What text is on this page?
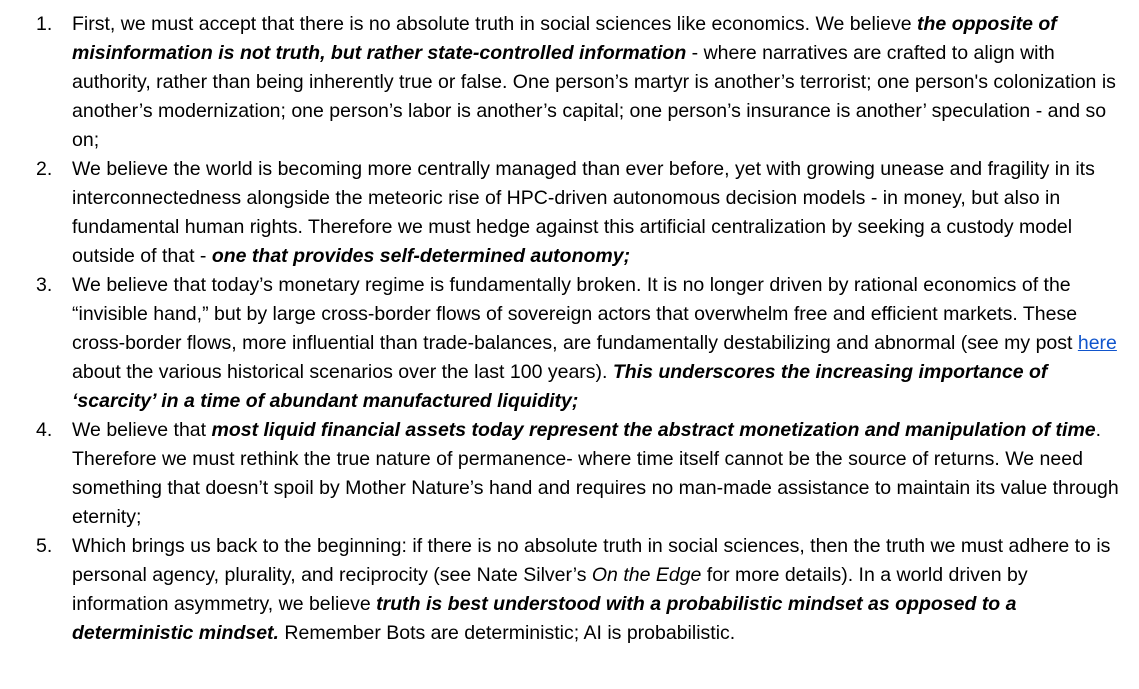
1. First, we must accept that there is no absolute truth in social sciences like economics. We believe the opposite of misinformation is not truth, but rather state-controlled information - where narratives are crafted to align with authority, rather than being inherently true or false. One person’s martyr is another’s terrorist; one person's colonization is another’s modernization; one person’s labor is another’s capital; one person’s insurance is another’ speculation - and so on;
2. We believe the world is becoming more centrally managed than ever before, yet with growing unease and fragility in its interconnectedness alongside the meteoric rise of HPC-driven autonomous decision models - in money, but also in fundamental human rights. Therefore we must hedge against this artificial centralization by seeking a custody model outside of that - one that provides self-determined autonomy;
3. We believe that today’s monetary regime is fundamentally broken. It is no longer driven by rational economics of the “invisible hand,” but by large cross-border flows of sovereign actors that overwhelm free and efficient markets. These cross-border flows, more influential than trade-balances, are fundamentally destabilizing and abnormal (see my post here about the various historical scenarios over the last 100 years). This underscores the increasing importance of ‘scarcity’ in a time of abundant manufactured liquidity;
4. We believe that most liquid financial assets today represent the abstract monetization and manipulation of time. Therefore we must rethink the true nature of permanence- where time itself cannot be the source of returns. We need something that doesn’t spoil by Mother Nature’s hand and requires no man-made assistance to maintain its value through eternity;
5. Which brings us back to the beginning: if there is no absolute truth in social sciences, then the truth we must adhere to is personal agency, plurality, and reciprocity (see Nate Silver’s On the Edge for more details). In a world driven by information asymmetry, we believe truth is best understood with a probabilistic mindset as opposed to a deterministic mindset. Remember Bots are deterministic; AI is probabilistic.
